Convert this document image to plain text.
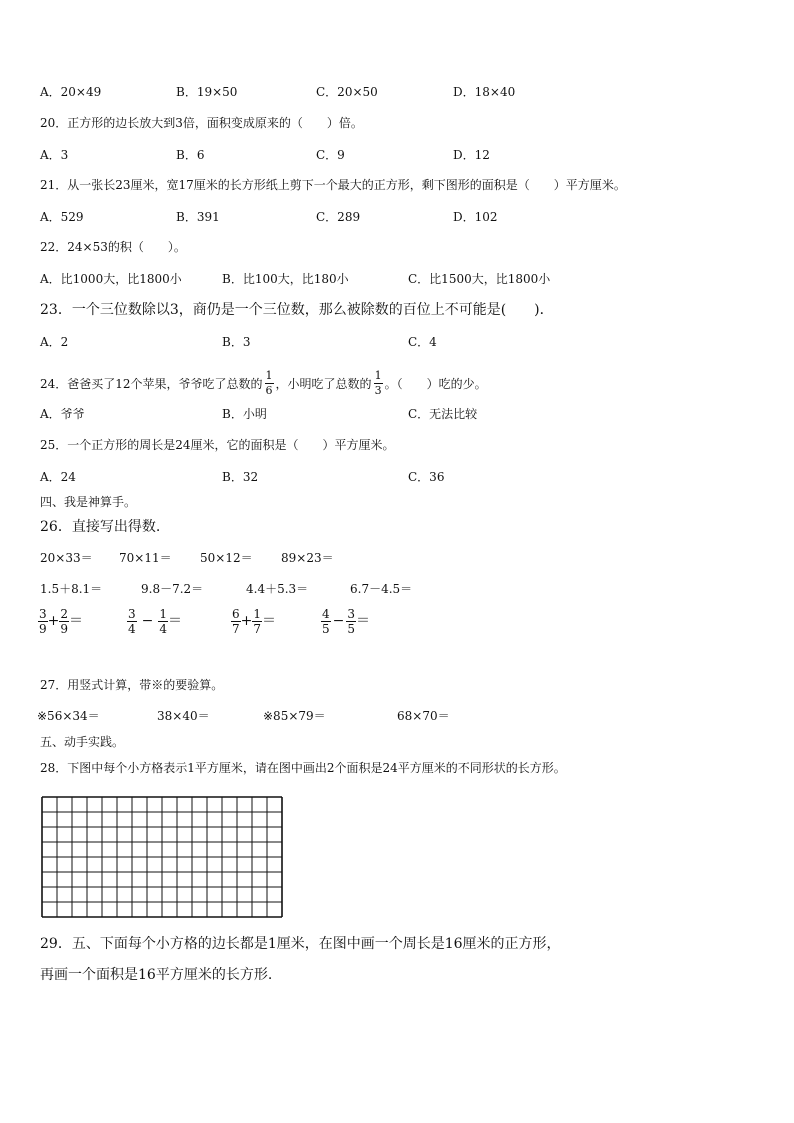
A．20×49	B．19×50	C．20×50	D．18×40
20．正方形的边长放大到3倍，面积变成原来的（　　）倍。
A．3	B．6	C．9	D．12
21．从一张长23厘米，宽17厘米的长方形纸上剪下一个最大的正方形，剩下图形的面积是（　　）平方厘米。
A．529	B．391	C．289	D．102
22．24×53的积（　　）。
A．比1000大，比1800小	B．比100大，比180小	C．比1500大，比1800小
23．一个三位数除以3，商仍是一个三位数，那么被除数的百位上不可能是(　　)．
A．2	B．3	C．4
24．爸爸买了12个苹果，爷爷吃了总数的 $\frac{1}{6}$ ，小明吃了总数的 $\frac{1}{3}$ 。（　　）吃的少。
A．爷爷	B．小明	C．无法比较
25．一个正方形的周长是24厘米，它的面积是（　　）平方厘米。
A．24	B．32	C．36
四、我是神算手。
26．直接写出得数.
20×33＝ 70×11＝ 50×12＝ 89×23＝
1.5＋8.1＝	9.8－7.2＝	4.4＋5.3＝	6.7－4.5＝
$\frac{3}{9} + \frac{2}{9}$ ＝	$\frac{3}{4} - \frac{1}{4}$ ＝	$\frac{6}{7} + \frac{1}{7}$ ＝	$\frac{4}{5} - \frac{3}{5}$ ＝
27．用竖式计算，带※的要验算。
※56×34＝	38×40＝	※85×79＝	68×70＝
五、动手实践。
28．下图中每个小方格表示1平方厘米，请在图中画出2个面积是24平方厘米的不同形状的长方形。
29．五、下面每个小方格的边长都是1厘米，在图中画一个周长是16厘米的正方形，
再画一个面积是16平方厘米的长方形.
